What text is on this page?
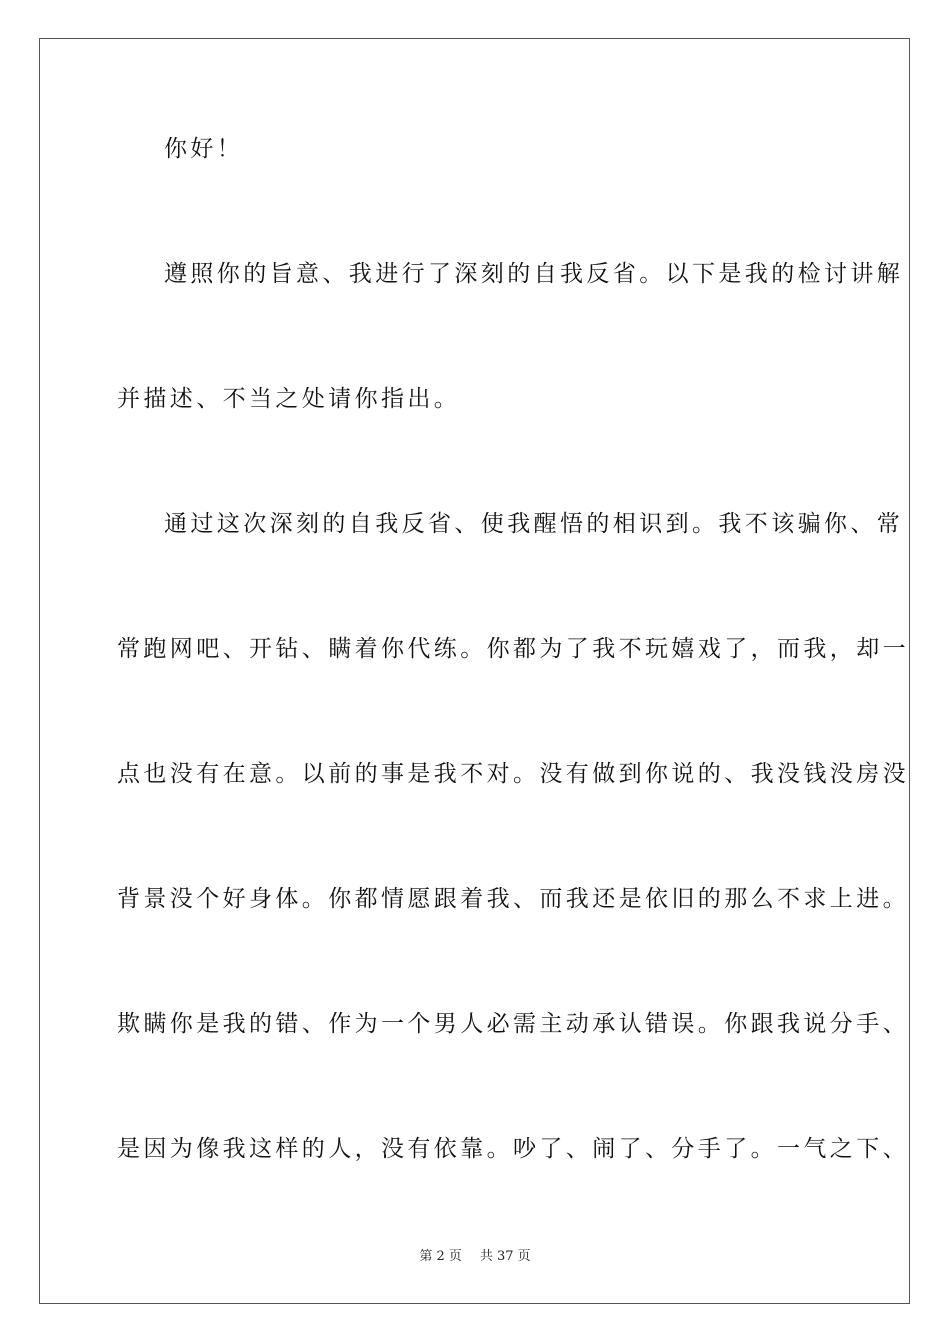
你好！
遵照你的旨意、我进行了深刻的自我反省。以下是我的检讨讲解
并描述、不当之处请你指出。
通过这次深刻的自我反省、使我醒悟的相识到。我不该骗你、常
常跑网吧、开钻、瞒着你代练。你都为了我不玩嬉戏了，而我，却一
点也没有在意。以前的事是我不对。没有做到你说的、我没钱没房没
背景没个好身体。你都情愿跟着我、而我还是依旧的那么不求上进。
欺瞒你是我的错、作为一个男人必需主动承认错误。你跟我说分手、
是因为像我这样的人，没有依靠。吵了、闹了、分手了。一气之下、
第 2 页 共 37 页
